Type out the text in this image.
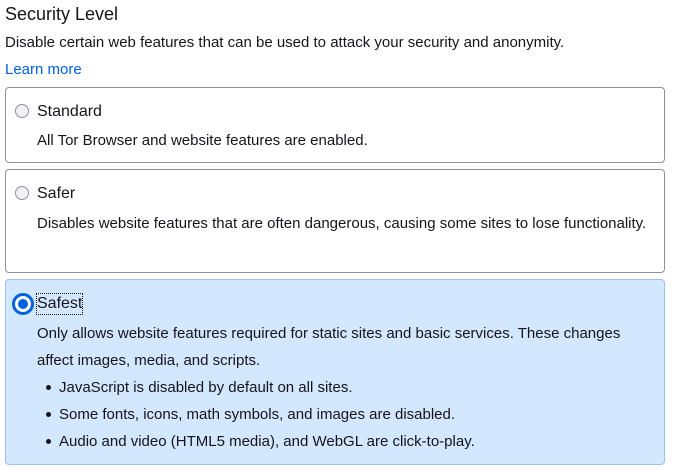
Security Level

Disable certain web features that can be used to attack your security and anonymity.

Learn more
Standard

All Tor Browser and website features are enabled.

Safer

Disables website features that are often dangerous, causing some sites to lose functionality.

Safest

Only allows website features required for static sites and basic services. These changes affect images, media, and scripts.

JavaScript is disabled by default on all sites.
Some fonts, icons, math symbols, and images are disabled.
Audio and video (HTML5 media), and WebGL are click-to-play.
